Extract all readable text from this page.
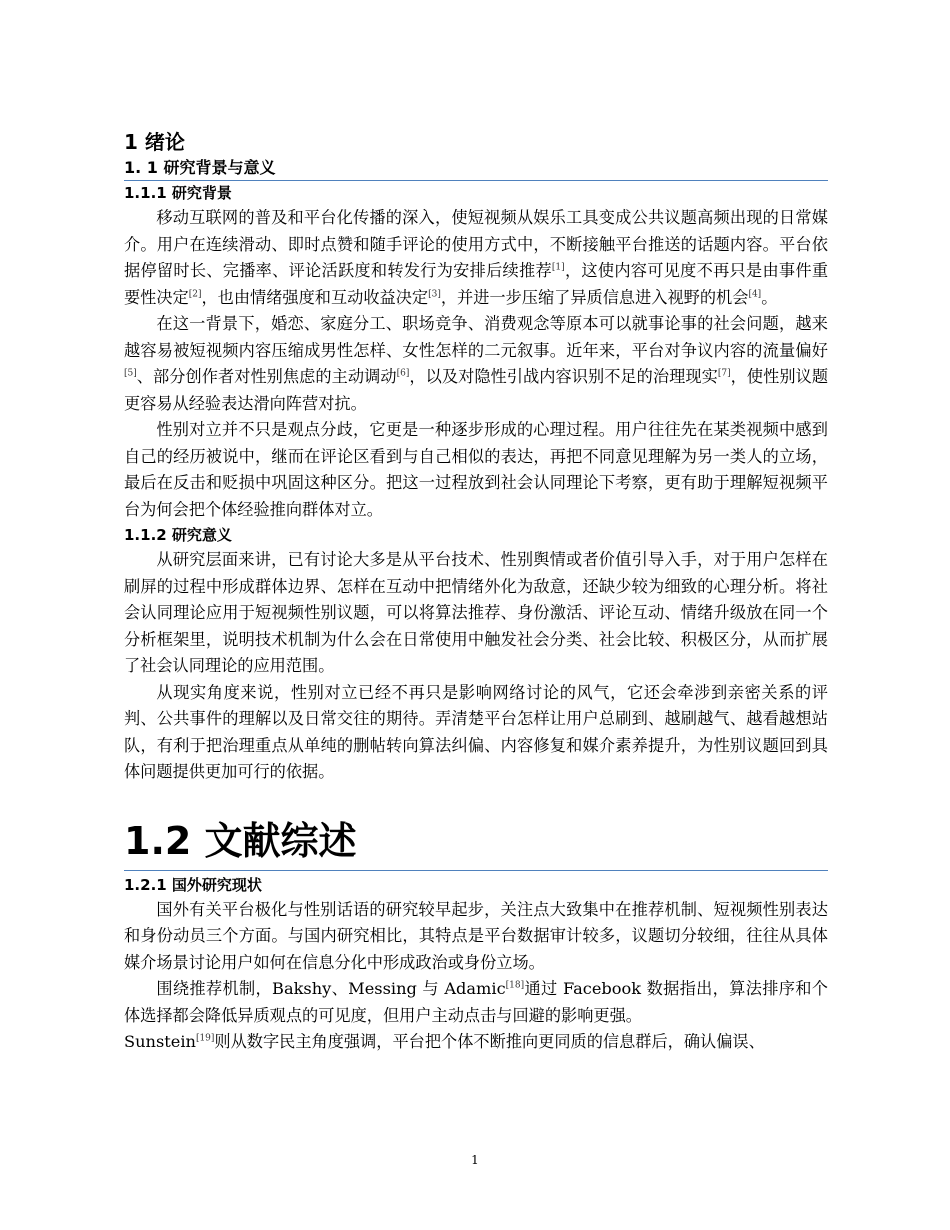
1 绪论
1. 1 研究背景与意义
1.1.1 研究背景

移动互联网的普及和平台化传播的深入，使短视频从娱乐工具变成公共议题高频出现的日常媒介。用户在连续滑动、即时点赞和随手评论的使用方式中，不断接触平台推送的话题内容。平台依据停留时长、完播率、评论活跃度和转发行为安排后续推荐[1]，这使内容可见度不再只是由事件重要性决定[2]，也由情绪强度和互动收益决定[3]，并进一步压缩了异质信息进入视野的机会[4]。

在这一背景下，婚恋、家庭分工、职场竞争、消费观念等原本可以就事论事的社会问题，越来越容易被短视频内容压缩成男性怎样、女性怎样的二元叙事。近年来，平台对争议内容的流量偏好[5]、部分创作者对性别焦虑的主动调动[6]，以及对隐性引战内容识别不足的治理现实[7]，使性别议题更容易从经验表达滑向阵营对抗。

性别对立并不只是观点分歧，它更是一种逐步形成的心理过程。用户往往先在某类视频中感到自己的经历被说中，继而在评论区看到与自己相似的表达，再把不同意见理解为另一类人的立场，最后在反击和贬损中巩固这种区分。把这一过程放到社会认同理论下考察，更有助于理解短视频平台为何会把个体经验推向群体对立。

1.1.2 研究意义

从研究层面来讲，已有讨论大多是从平台技术、性别舆情或者价值引导入手，对于用户怎样在刷屏的过程中形成群体边界、怎样在互动中把情绪外化为敌意，还缺少较为细致的心理分析。将社会认同理论应用于短视频性别议题，可以将算法推荐、身份激活、评论互动、情绪升级放在同一个分析框架里，说明技术机制为什么会在日常使用中触发社会分类、社会比较、积极区分，从而扩展了社会认同理论的应用范围。

从现实角度来说，性别对立已经不再只是影响网络讨论的风气，它还会牵涉到亲密关系的评判、公共事件的理解以及日常交往的期待。弄清楚平台怎样让用户总刷到、越刷越气、越看越想站队，有利于把治理重点从单纯的删帖转向算法纠偏、内容修复和媒介素养提升，为性别议题回到具体问题提供更加可行的依据。

1.2 文献综述
1.2.1 国外研究现状

国外有关平台极化与性别话语的研究较早起步，关注点大致集中在推荐机制、短视频性别表达和身份动员三个方面。与国内研究相比，其特点是平台数据审计较多，议题切分较细，往往从具体媒介场景讨论用户如何在信息分化中形成政治或身份立场。

围绕推荐机制，Bakshy、Messing 与 Adamic[18]通过 Facebook 数据指出，算法排序和个体选择都会降低异质观点的可见度，但用户主动点击与回避的影响更强。

Sunstein[19]则从数字民主角度强调，平台把个体不断推向更同质的信息群后，确认偏误、

1
